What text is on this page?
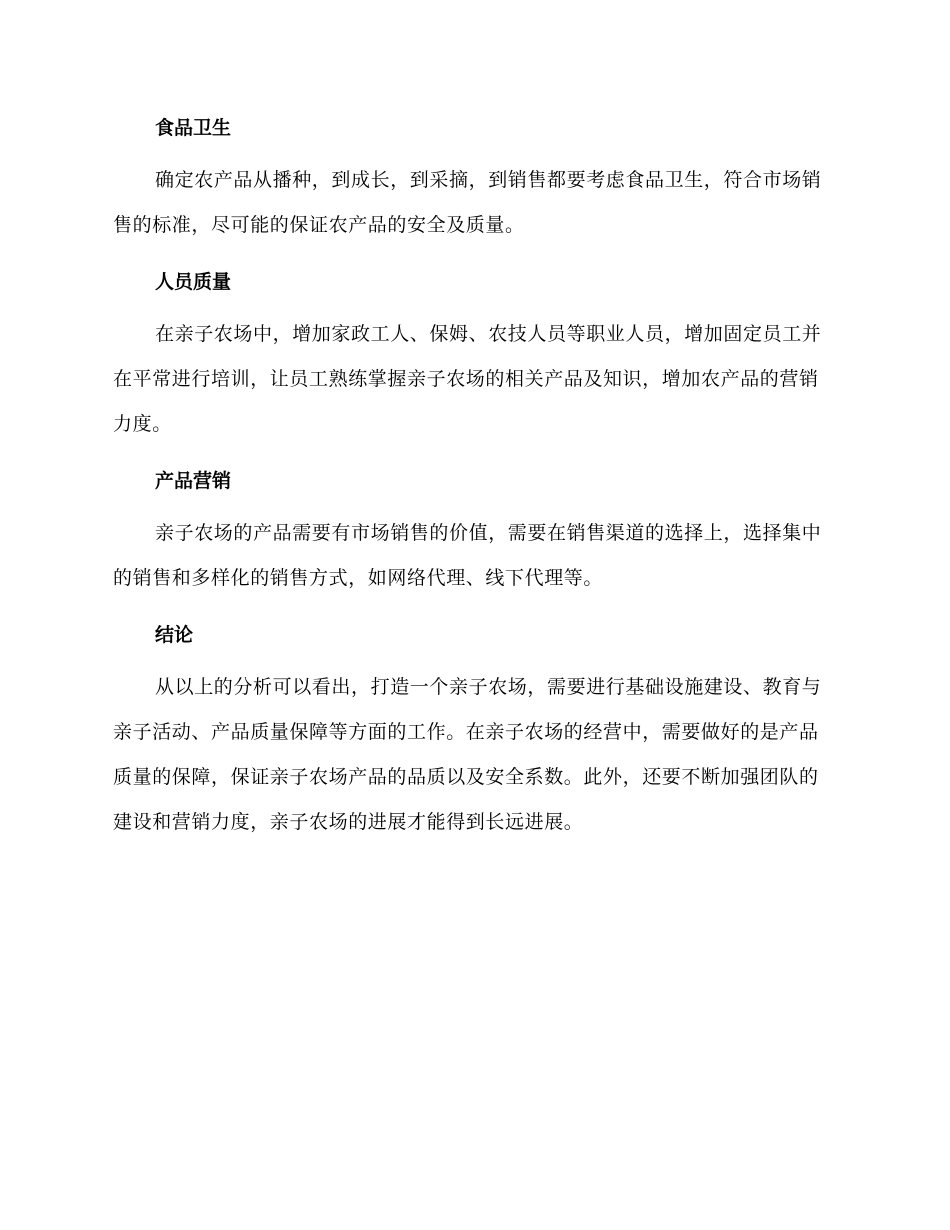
食品卫生

确定农产品从播种，到成长，到采摘，到销售都要考虑食品卫生，符合市场销售的标准，尽可能的保证农产品的安全及质量。

人员质量

在亲子农场中，增加家政工人、保姆、农技人员等职业人员，增加固定员工并在平常进行培训，让员工熟练掌握亲子农场的相关产品及知识，增加农产品的营销力度。

产品营销

亲子农场的产品需要有市场销售的价值，需要在销售渠道的选择上，选择集中的销售和多样化的销售方式，如网络代理、线下代理等。

结论

从以上的分析可以看出，打造一个亲子农场，需要进行基础设施建设、教育与亲子活动、产品质量保障等方面的工作。在亲子农场的经营中，需要做好的是产品质量的保障，保证亲子农场产品的品质以及安全系数。此外，还要不断加强团队的建设和营销力度，亲子农场的进展才能得到长远进展。
